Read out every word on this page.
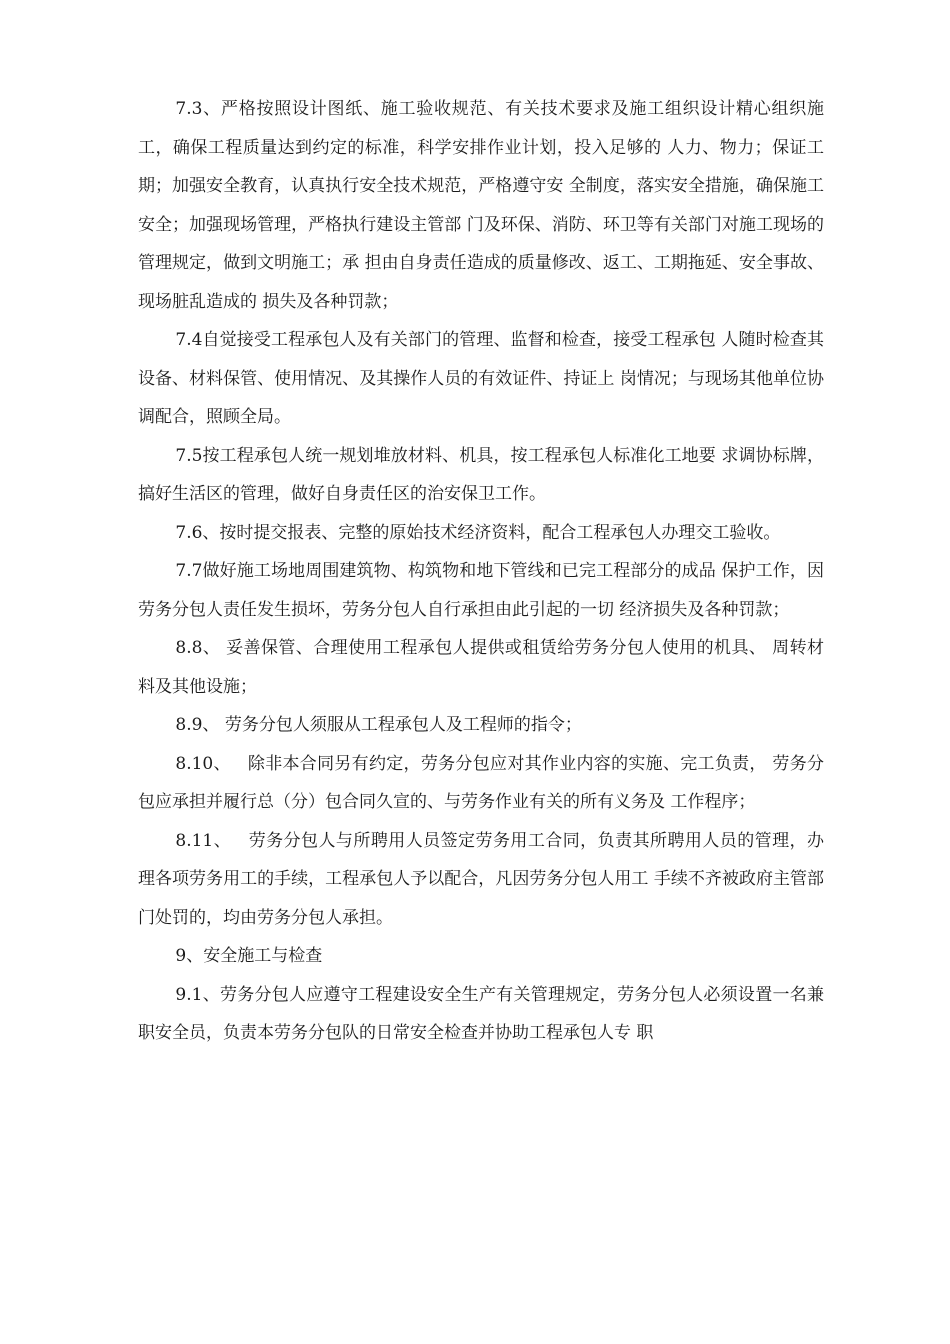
7.3、严格按照设计图纸、施工验收规范、有关技术要求及施工组织设计精心组织施工，确保工程质量达到约定的标准，科学安排作业计划，投入足够的 人力、物力；保证工期；加强安全教育，认真执行安全技术规范，严格遵守安 全制度，落实安全措施，确保施工安全；加强现场管理，严格执行建设主管部 门及环保、消防、环卫等有关部门对施工现场的管理规定，做到文明施工；承 担由自身责任造成的质量修改、返工、工期拖延、安全事故、现场脏乱造成的 损失及各种罚款；

7.4自觉接受工程承包人及有关部门的管理、监督和检查，接受工程承包 人随时检查其设备、材料保管、使用情况、及其操作人员的有效证件、持证上 岗情况；与现场其他单位协调配合，照顾全局。

7.5按工程承包人统一规划堆放材料、机具，按工程承包人标准化工地要 求调协标牌，搞好生活区的管理，做好自身责任区的治安保卫工作。

7.6、按时提交报表、完整的原始技术经济资料，配合工程承包人办理交工验收。

7.7做好施工场地周围建筑物、构筑物和地下管线和已完工程部分的成品 保护工作，因劳务分包人责任发生损坏，劳务分包人自行承担由此引起的一切 经济损失及各种罚款；

8.8、 妥善保管、合理使用工程承包人提供或租赁给劳务分包人使用的机具、 周转材料及其他设施；

8.9、 劳务分包人须服从工程承包人及工程师的指令；

8.10、   除非本合同另有约定，劳务分包应对其作业内容的实施、完工负责， 劳务分包应承担并履行总（分）包合同久宣的、与劳务作业有关的所有义务及 工作程序；

8.11、   劳务分包人与所聘用人员签定劳务用工合同，负责其所聘用人员的管理，办理各项劳务用工的手续，工程承包人予以配合，凡因劳务分包人用工 手续不齐被政府主管部门处罚的，均由劳务分包人承担。

9、安全施工与检查

9.1、劳务分包人应遵守工程建设安全生产有关管理规定，劳务分包人必须设置一名兼职安全员，负责本劳务分包队的日常安全检查并协助工程承包人专 职
